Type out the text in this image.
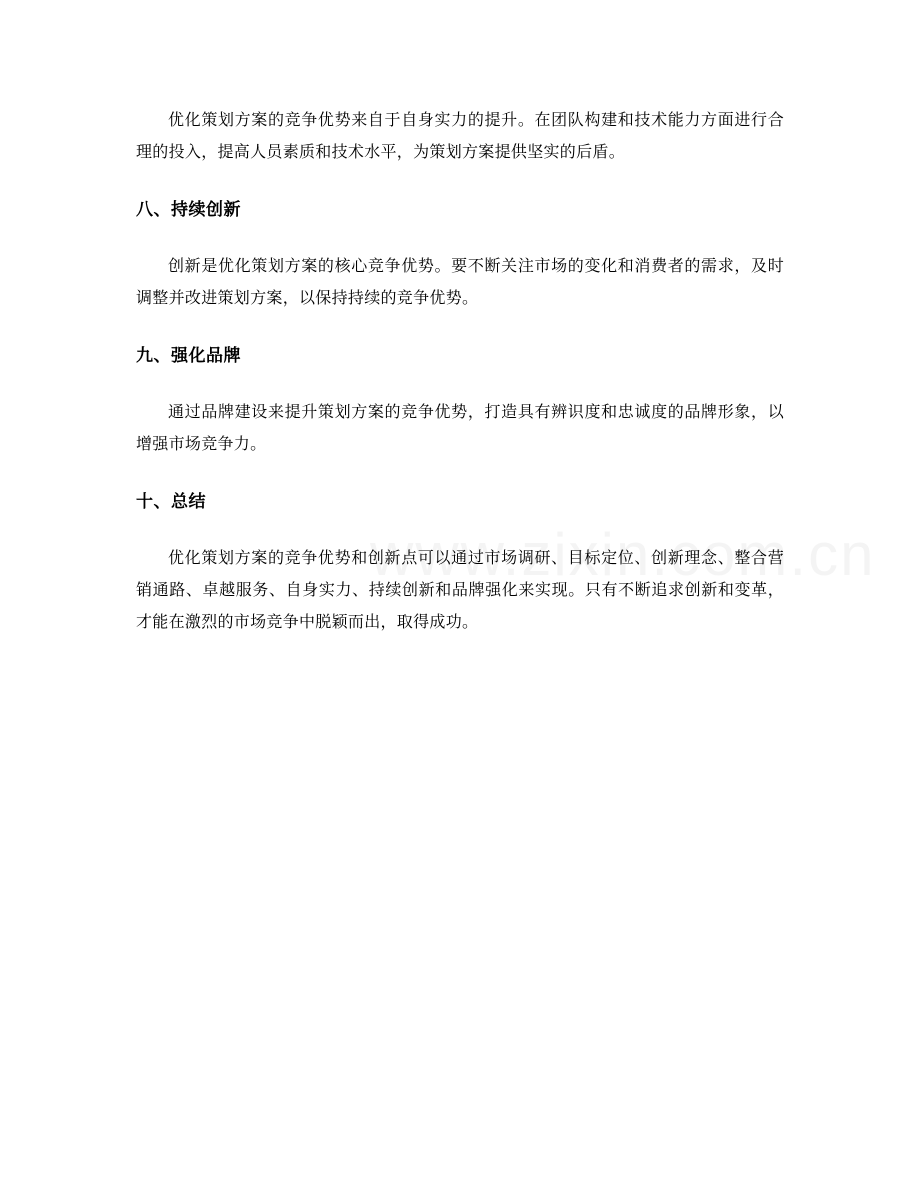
优化策划方案的竞争优势来自于自身实力的提升。在团队构建和技术能力方面进行合理的投入，提高人员素质和技术水平，为策划方案提供坚实的后盾。

八、持续创新

创新是优化策划方案的核心竞争优势。要不断关注市场的变化和消费者的需求，及时调整并改进策划方案，以保持持续的竞争优势。

九、强化品牌

通过品牌建设来提升策划方案的竞争优势，打造具有辨识度和忠诚度的品牌形象，以增强市场竞争力。

十、总结

优化策划方案的竞争优势和创新点可以通过市场调研、目标定位、创新理念、整合营销通路、卓越服务、自身实力、持续创新和品牌强化来实现。只有不断追求创新和变革，才能在激烈的市场竞争中脱颖而出，取得成功。
